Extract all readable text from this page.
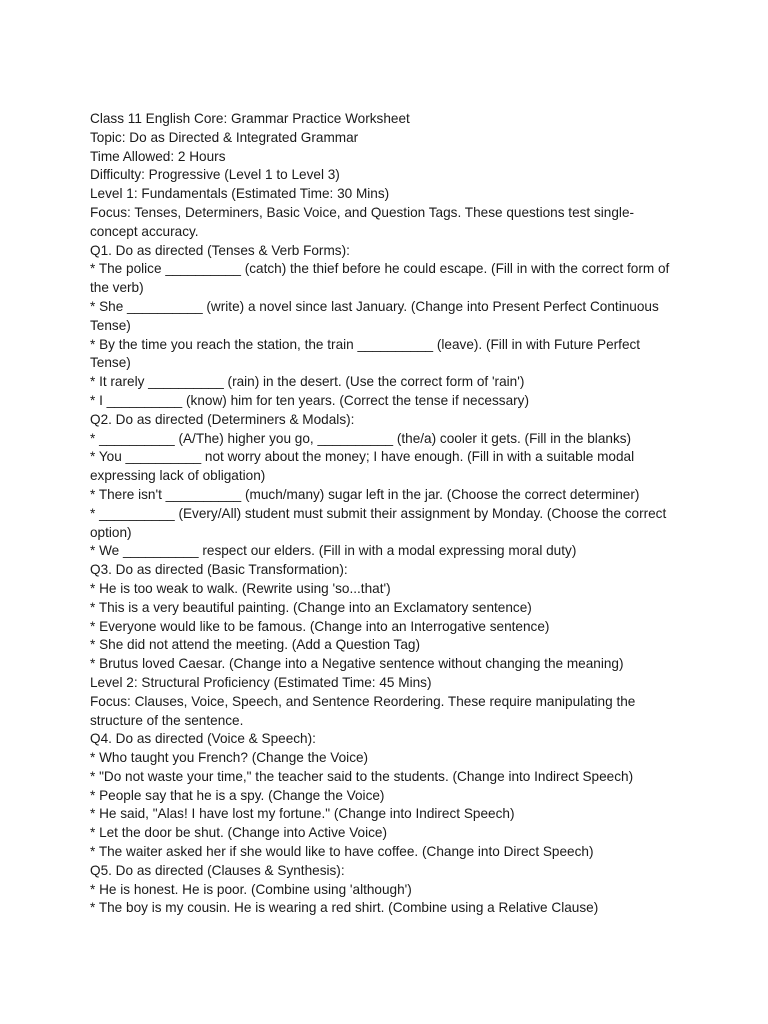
Class 11 English Core: Grammar Practice Worksheet

Topic: Do as Directed & Integrated Grammar

Time Allowed: 2 Hours

Difficulty: Progressive (Level 1 to Level 3)

Level 1: Fundamentals (Estimated Time: 30 Mins)

Focus: Tenses, Determiners, Basic Voice, and Question Tags. These questions test single-concept accuracy.

Q1. Do as directed (Tenses & Verb Forms):

* The police __________ (catch) the thief before he could escape. (Fill in with the correct form of the verb)

* She __________ (write) a novel since last January. (Change into Present Perfect Continuous Tense)

* By the time you reach the station, the train __________ (leave). (Fill in with Future Perfect Tense)

* It rarely __________ (rain) in the desert. (Use the correct form of 'rain')

* I __________ (know) him for ten years. (Correct the tense if necessary)

Q2. Do as directed (Determiners & Modals):

* __________ (A/The) higher you go, __________ (the/a) cooler it gets. (Fill in the blanks)

* You __________ not worry about the money; I have enough. (Fill in with a suitable modal expressing lack of obligation)

* There isn't __________ (much/many) sugar left in the jar. (Choose the correct determiner)

* __________ (Every/All) student must submit their assignment by Monday. (Choose the correct option)

* We __________ respect our elders. (Fill in with a modal expressing moral duty)

Q3. Do as directed (Basic Transformation):

* He is too weak to walk. (Rewrite using 'so...that')

* This is a very beautiful painting. (Change into an Exclamatory sentence)

* Everyone would like to be famous. (Change into an Interrogative sentence)

* She did not attend the meeting. (Add a Question Tag)

* Brutus loved Caesar. (Change into a Negative sentence without changing the meaning)

Level 2: Structural Proficiency (Estimated Time: 45 Mins)

Focus: Clauses, Voice, Speech, and Sentence Reordering. These require manipulating the structure of the sentence.

Q4. Do as directed (Voice & Speech):

* Who taught you French? (Change the Voice)

* "Do not waste your time," the teacher said to the students. (Change into Indirect Speech)

* People say that he is a spy. (Change the Voice)

* He said, "Alas! I have lost my fortune." (Change into Indirect Speech)

* Let the door be shut. (Change into Active Voice)

* The waiter asked her if she would like to have coffee. (Change into Direct Speech)

Q5. Do as directed (Clauses & Synthesis):

* He is honest. He is poor. (Combine using 'although')

* The boy is my cousin. He is wearing a red shirt. (Combine using a Relative Clause)
